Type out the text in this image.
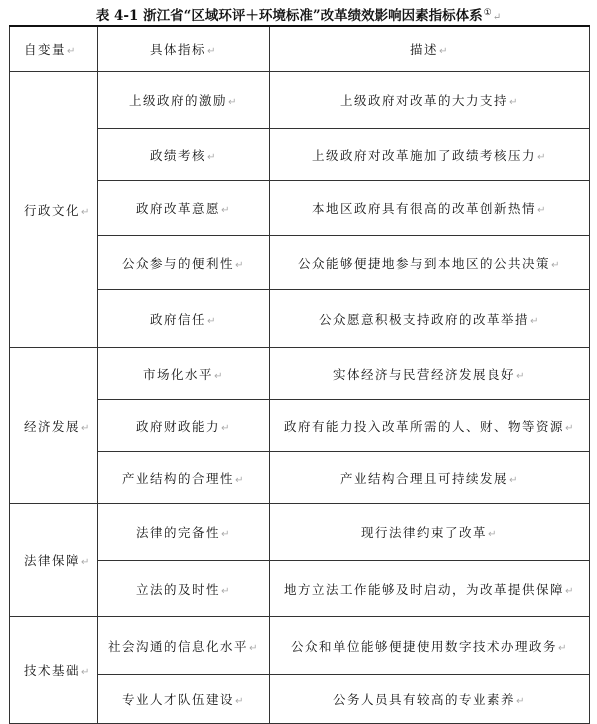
表 4-1 浙江省“区域环评＋环境标准”改革绩效影响因素指标体系①↵
自变量↵	具体指标↵	描述↵
行政文化↵	上级政府的激励↵	上级政府对改革的大力支持↵
	政绩考核↵	上级政府对改革施加了政绩考核压力↵
	政府改革意愿↵	本地区政府具有很高的改革创新热情↵
	公众参与的便利性↵	公众能够便捷地参与到本地区的公共决策↵
	政府信任↵	公众愿意积极支持政府的改革举措↵
经济发展↵	市场化水平↵	实体经济与民营经济发展良好↵
	政府财政能力↵	政府有能力投入改革所需的人、财、物等资源↵
	产业结构的合理性↵	产业结构合理且可持续发展↵
法律保障↵	法律的完备性↵	现行法律约束了改革↵
	立法的及时性↵	地方立法工作能够及时启动，为改革提供保障↵
技术基础↵	社会沟通的信息化水平↵	公众和单位能够便捷使用数字技术办理政务↵
	专业人才队伍建设↵	公务人员具有较高的专业素养↵
